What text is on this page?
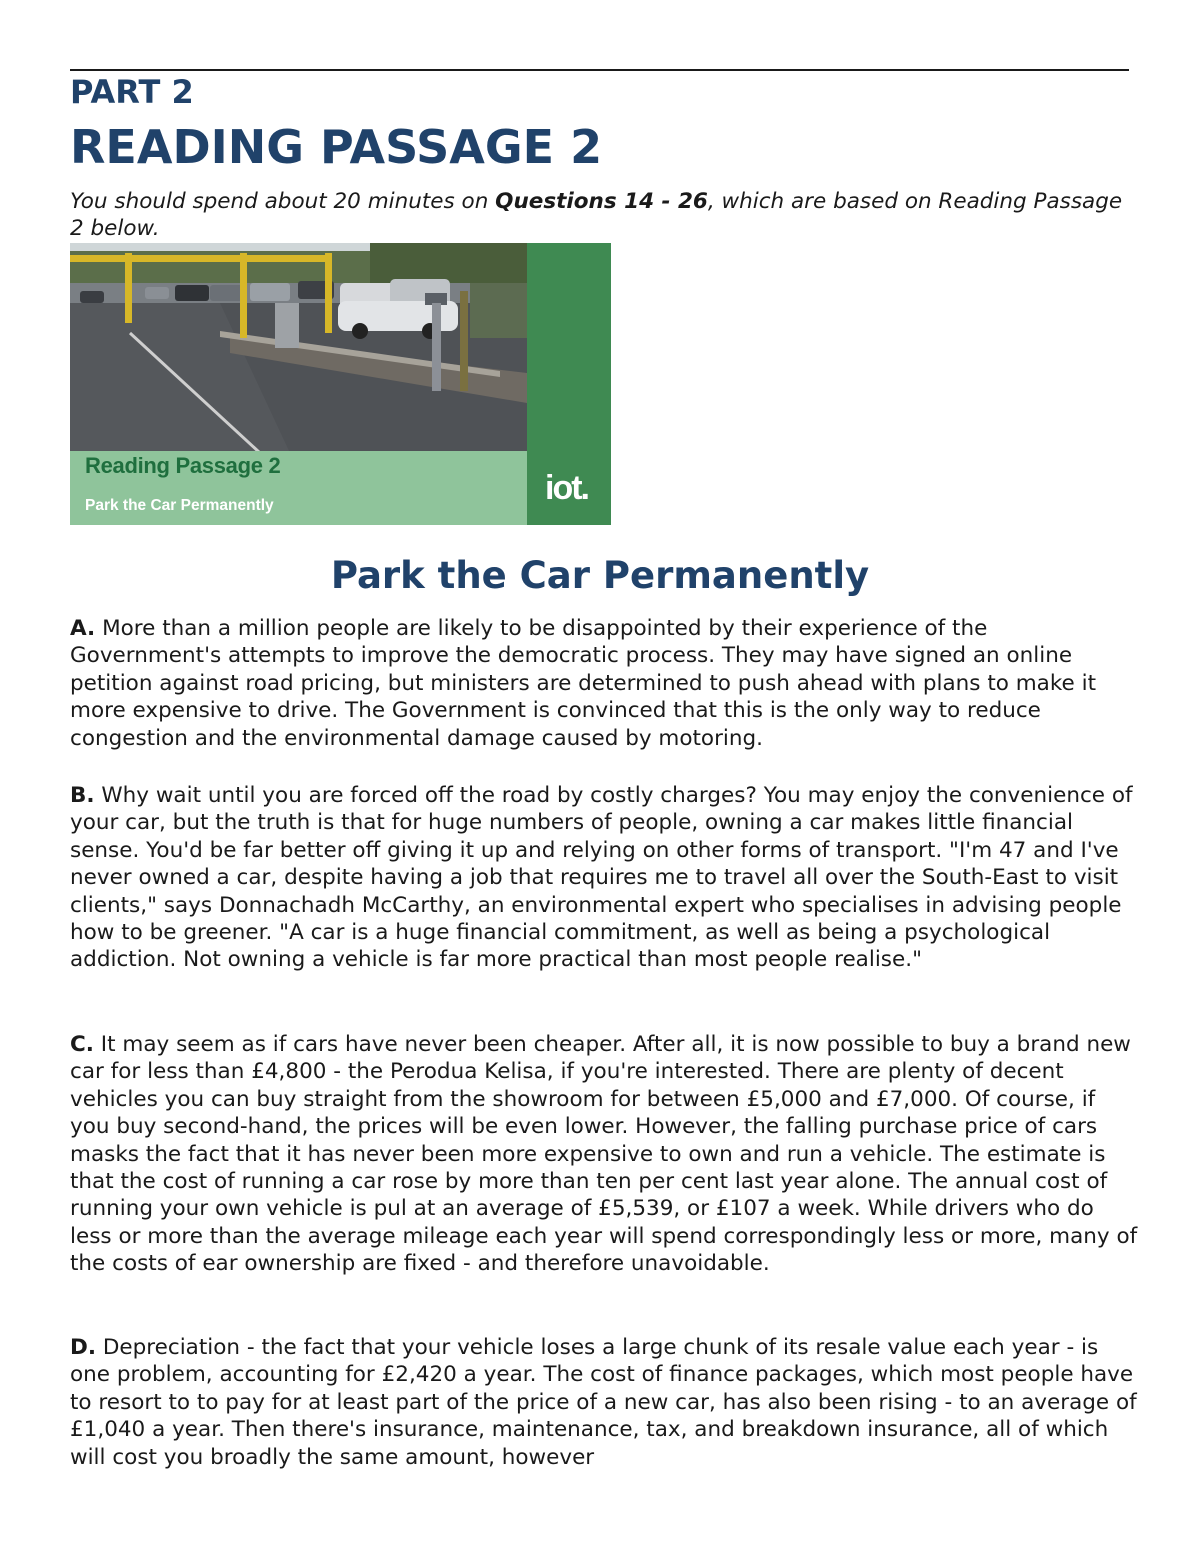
PART 2
READING PASSAGE 2
You should spend about 20 minutes on Questions 14 - 26, which are based on Reading Passage 2 below.
Reading Passage 2
Park the Car Permanently	iot.
Park the Car Permanently
A. More than a million people are likely to be disappointed by their experience of the Government's attempts to improve the democratic process. They may have signed an online petition against road pricing, but ministers are determined to push ahead with plans to make it more expensive to drive. The Government is convinced that this is the only way to reduce congestion and the environmental damage caused by motoring.
B. Why wait until you are forced off the road by costly charges? You may enjoy the convenience of your car, but the truth is that for huge numbers of people, owning a car makes little financial sense. You'd be far better off giving it up and relying on other forms of transport. "I'm 47 and I've never owned a car, despite having a job that requires me to travel all over the South-East to visit clients," says Donnachadh McCarthy, an environmental expert who specialises in advising people how to be greener. "A car is a huge financial commitment, as well as being a psychological addiction. Not owning a vehicle is far more practical than most people realise."
C. It may seem as if cars have never been cheaper. After all, it is now possible to buy a brand new car for less than £4,800 - the Perodua Kelisa, if you're interested. There are plenty of decent vehicles you can buy straight from the showroom for between £5,000 and £7,000. Of course, if you buy second-hand, the prices will be even lower. However, the falling purchase price of cars masks the fact that it has never been more expensive to own and run a vehicle. The estimate is that the cost of running a car rose by more than ten per cent last year alone. The annual cost of running your own vehicle is pul at an average of £5,539, or £107 a week. While drivers who do less or more than the average mileage each year will spend correspondingly less or more, many of the costs of ear ownership are fixed - and therefore unavoidable.
D. Depreciation - the fact that your vehicle loses a large chunk of its resale value each year - is one problem, accounting for £2,420 a year. The cost of finance packages, which most people have to resort to to pay for at least part of the price of a new car, has also been rising - to an average of £1,040 a year. Then there's insurance, maintenance, tax, and breakdown insurance, all of which will cost you broadly the same amount, however
